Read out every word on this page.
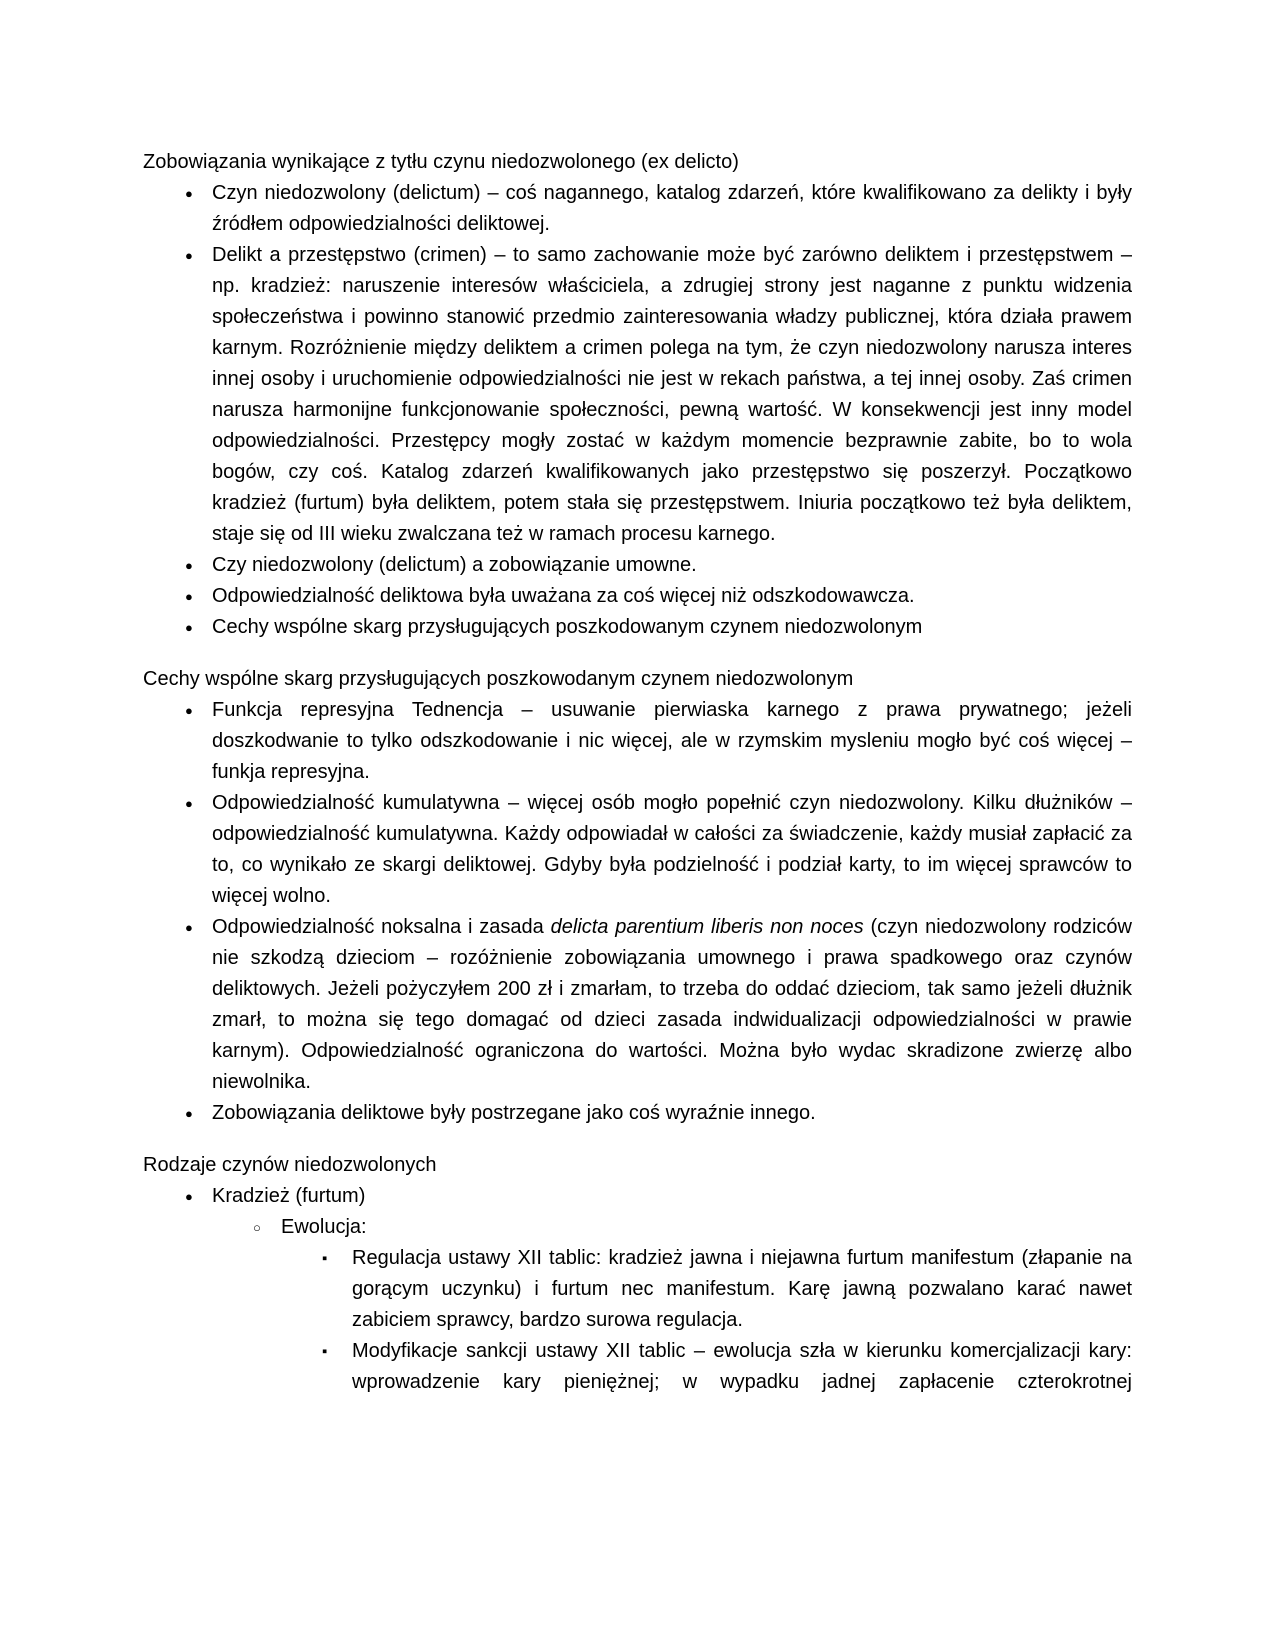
Zobowiązania wynikające z tytłu czynu niedozwolonego (ex delicto)

● Czyn niedozwolony (delictum) – coś nagannego, katalog zdarzeń, które kwalifikowano za delikty i były źródłem odpowiedzialności deliktowej.
● Delikt a przestępstwo (crimen) – to samo zachowanie może być zarówno deliktem i przestępstwem – np. kradzież: naruszenie interesów właściciela, a zdrugiej strony jest naganne z punktu widzenia społeczeństwa i powinno stanowić przedmio zainteresowania władzy publicznej, która działa prawem karnym. Rozróżnienie między deliktem a crimen polega na tym, że czyn niedozwolony narusza interes innej osoby i uruchomienie odpowiedzialności nie jest w rekach państwa, a tej innej osoby. Zaś crimen narusza harmonijne funkcjonowanie społeczności, pewną wartość. W konsekwencji jest inny model odpowiedzialności. Przestępcy mogły zostać w każdym momencie bezprawnie zabite, bo to wola bogów, czy coś. Katalog zdarzeń kwalifikowanych jako przestępstwo się poszerzył. Początkowo kradzież (furtum) była deliktem, potem stała się przestępstwem. Iniuria początkowo też była deliktem, staje się od III wieku zwalczana też w ramach procesu karnego.
● Czy niedozwolony (delictum) a zobowiązanie umowne.
● Odpowiedzialność deliktowa była uważana za coś więcej niż odszkodowawcza.
● Cechy wspólne skarg przysługujących poszkodowanym czynem niedozwolonym

Cechy wspólne skarg przysługujących poszkowodanym czynem niedozwolonym

● Funkcja represyjna Tednencja – usuwanie pierwiaska karnego z prawa prywatnego; jeżeli doszkodwanie to tylko odszkodowanie i nic więcej, ale w rzymskim mysleniu mogło być coś więcej – funkja represyjna.
● Odpowiedzialność kumulatywna – więcej osób mogło popełnić czyn niedozwolony. Kilku dłużników – odpowiedzialność kumulatywna. Każdy odpowiadał w całości za świadczenie, każdy musiał zapłacić za to, co wynikało ze skargi deliktowej. Gdyby była podzielność i podział karty, to im więcej sprawców to więcej wolno.
● Odpowiedzialność noksalna i zasada delicta parentium liberis non noces (czyn niedozwolony rodziców nie szkodzą dzieciom – rozóżnienie zobowiązania umownego i prawa spadkowego oraz czynów deliktowych. Jeżeli pożyczyłem 200 zł i zmarłam, to trzeba do oddać dzieciom, tak samo jeżeli dłużnik zmarł, to można się tego domagać od dzieci zasada indwidualizacji odpowiedzialności w prawie karnym). Odpowiedzialność ograniczona do wartości. Można było wydac skradizone zwierzę albo niewolnika.
● Zobowiązania deliktowe były postrzegane jako coś wyraźnie innego.

Rodzaje czynów niedozwolonych

● Kradzież (furtum)
○	Ewolucja:
▪	Regulacja ustawy XII tablic: kradzież jawna i niejawna furtum manifestum (złapanie na gorącym uczynku) i furtum nec manifestum. Karę jawną pozwalano karać nawet zabiciem sprawcy, bardzo surowa regulacja.
▪	Modyfikacje sankcji ustawy XII tablic – ewolucja szła w kierunku komercjalizacji kary: wprowadzenie kary pieniężnej; w wypadku jadnej zapłacenie czterokrotnej
